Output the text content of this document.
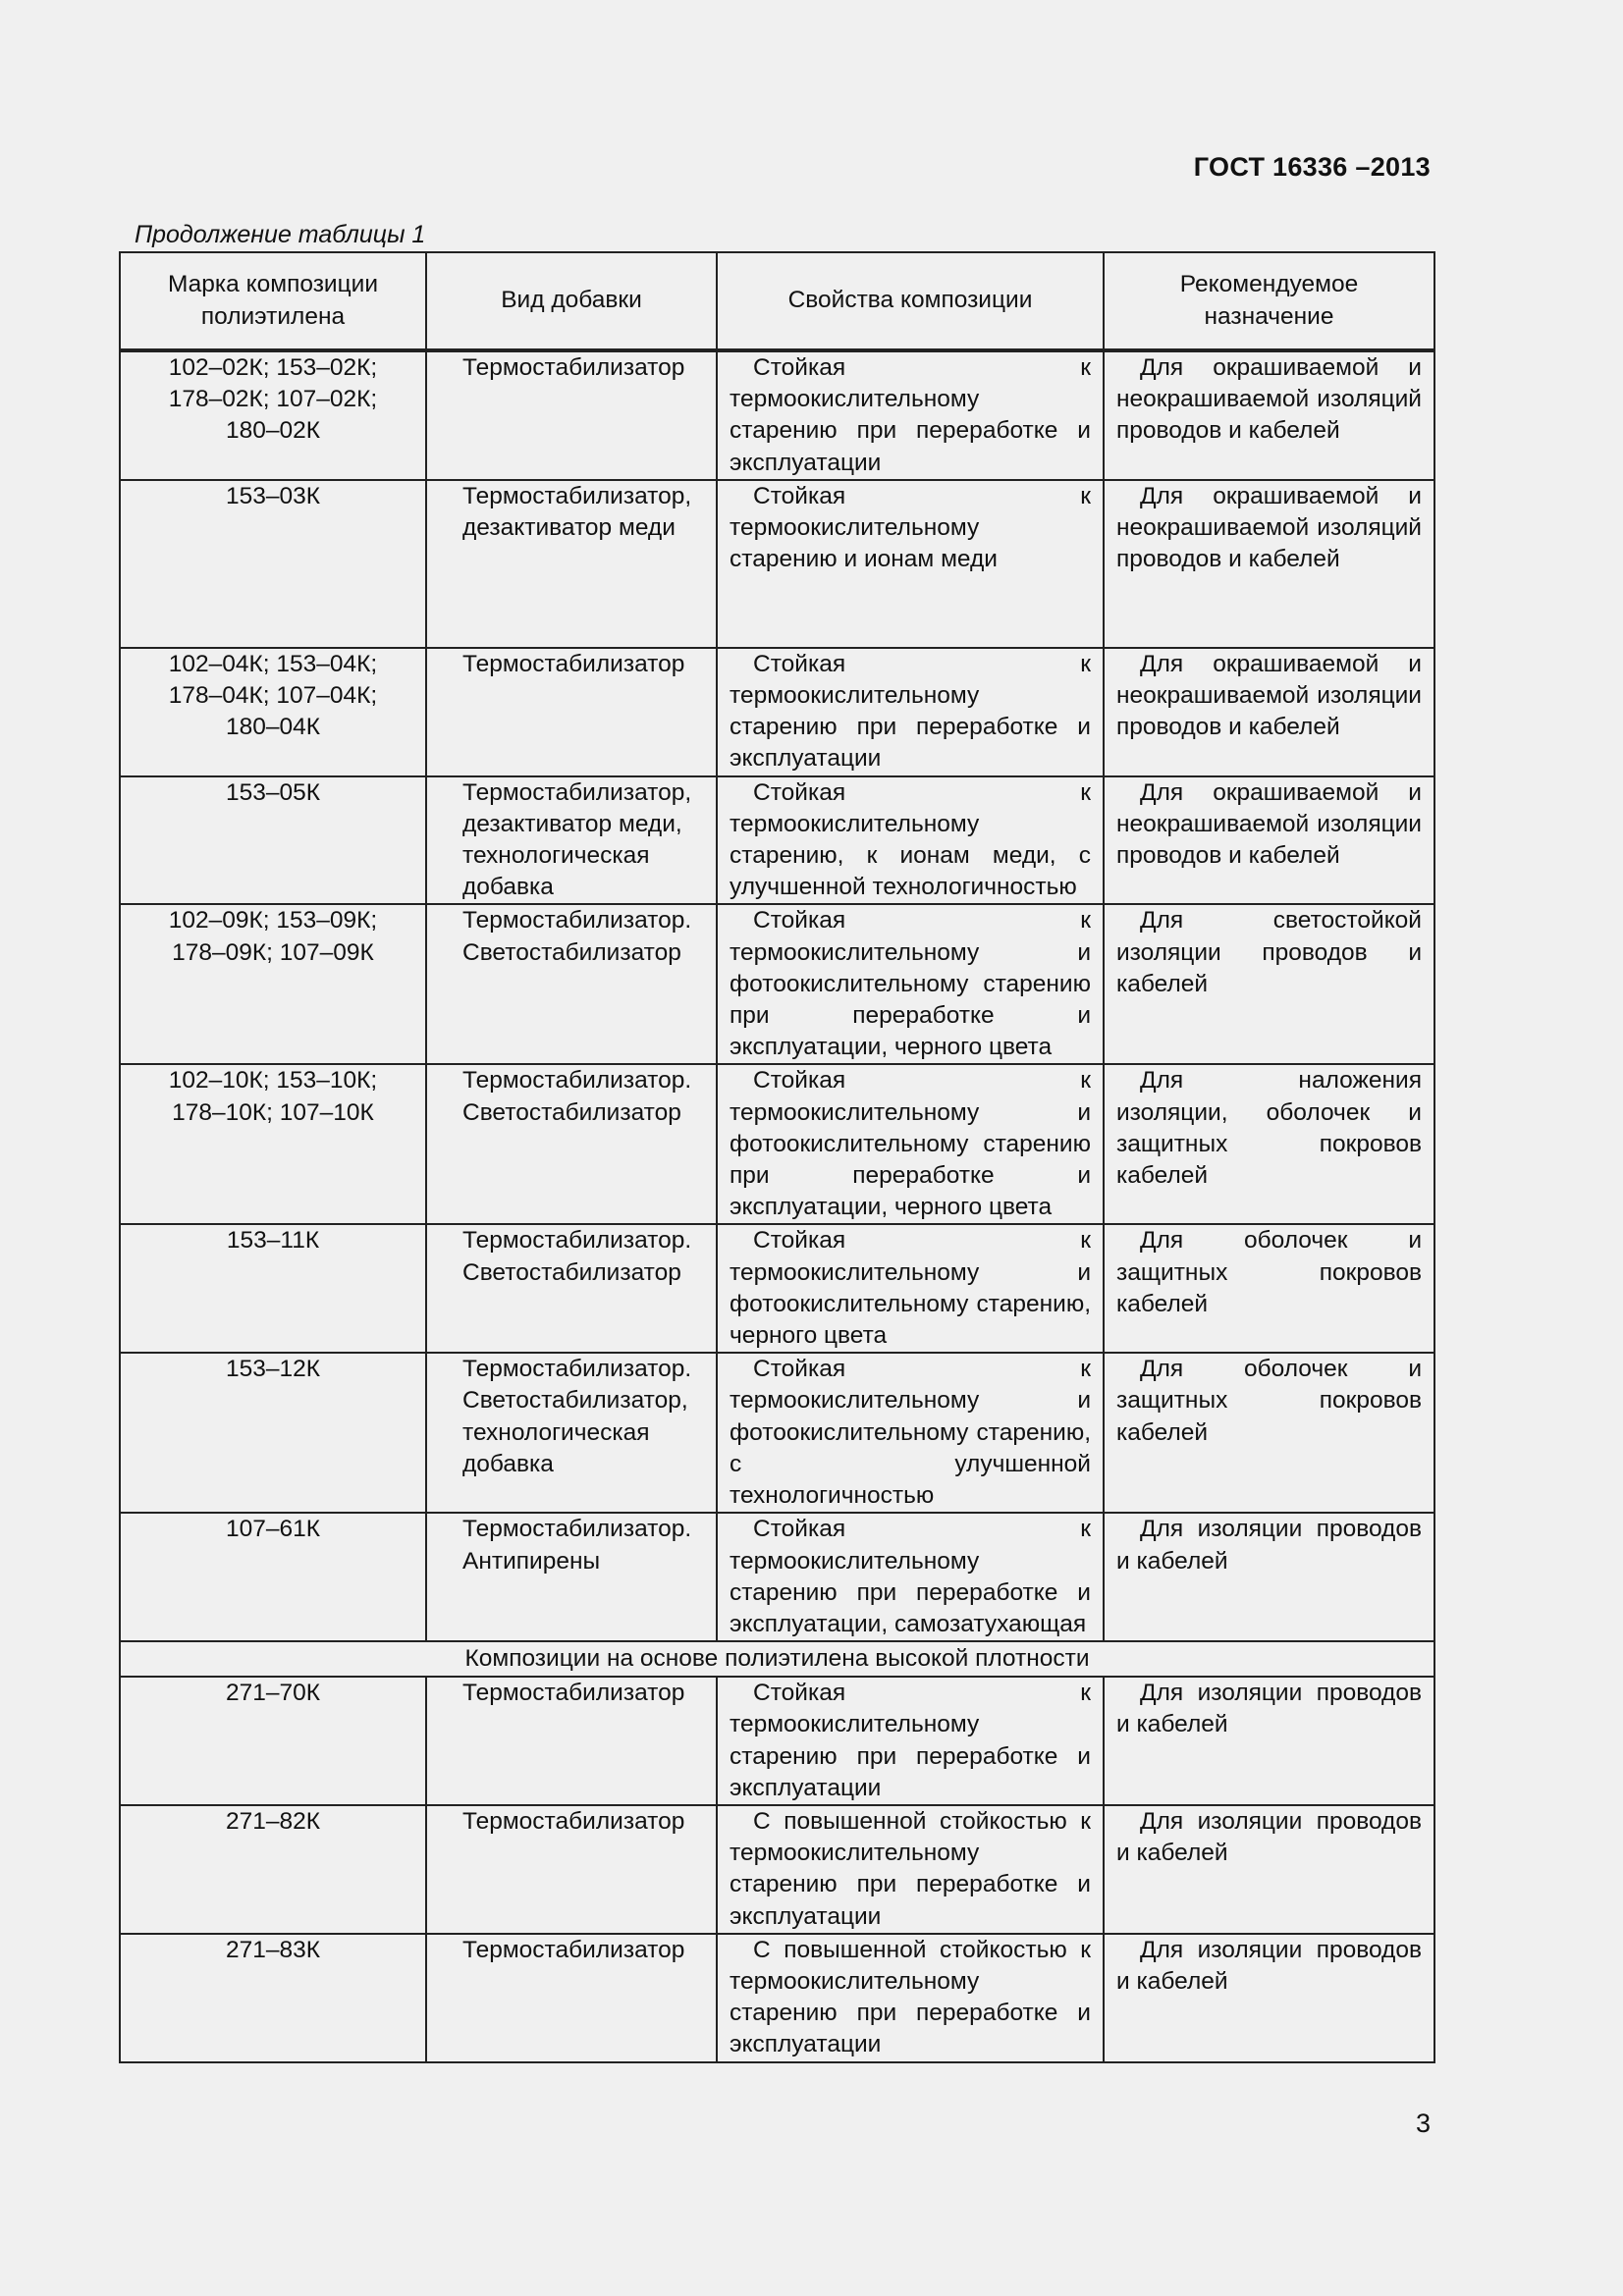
ГОСТ 16336 –2013
Продолжение таблицы 1
Марка композиции полиэтилена	Вид добавки	Свойства композиции	Рекомендуемое назначение
102–02К; 153–02К;
178–02К; 107–02К;
180–02К	Термостабилизатор	Стойкая к термоокислительному старению при переработке и эксплуатации	Для окрашиваемой и неокрашиваемой изоляций проводов и кабелей

153–03К	Термостабилизатор, дезактиватор меди	Стойкая к термоокислительному старению и ионам меди	Для окрашиваемой и неокрашиваемой изоляций проводов и кабелей

102–04К; 153–04К;
178–04К; 107–04К;
180–04К	Термостабилизатор	Стойкая к термоокислительному старению при переработке и эксплуатации	Для окрашиваемой и неокрашиваемой изоляции проводов и кабелей

153–05К	Термостабилизатор, дезактиватор меди, технологическая добавка	Стойкая к термоокислительному старению, к ионам меди, с улучшенной технологичностью	Для окрашиваемой и неокрашиваемой изоляции проводов и кабелей

102–09К; 153–09К;
178–09К; 107–09К	Термостабилизатор.
Светостабилизатор	Стойкая к термоокислительному и фотоокислительному старению при переработке и эксплуатации, черного цвета	Для светостойкой изоляции проводов и кабелей

102–10К; 153–10К;
178–10К; 107–10К	Термостабилизатор.
Светостабилизатор	Стойкая к термоокислительному и фотоокислительному старению при переработке и эксплуатации, черного цвета	Для наложения изоляции, оболочек и защитных покровов кабелей

153–11К	Термостабилизатор.
Светостабилизатор	Стойкая к термоокислительному и фотоокислительному старению, черного цвета	Для оболочек и защитных покровов кабелей

153–12К	Термостабилизатор.
Светостабилизатор, технологическая добавка	Стойкая к термоокислительному и фотоокислительному старению, с улучшенной технологичностью	Для оболочек и защитных покровов кабелей

107–61К	Термостабилизатор.
Антипирены	Стойкая к термоокислительному старению при переработке и эксплуатации, самозатухающая	Для изоляции проводов и кабелей

Композиции на основе полиэтилена высокой плотности			
271–70К	Термостабилизатор	Стойкая к термоокислительному старению при переработке и эксплуатации	Для изоляции проводов и кабелей

271–82К	Термостабилизатор	С повышенной стойкостью к термоокислительному старению при переработке и эксплуатации	Для изоляции проводов и кабелей

271–83К	Термостабилизатор	С повышенной стойкостью к термоокислительному старению при переработке и эксплуатации	Для изоляции проводов и кабелей
3
